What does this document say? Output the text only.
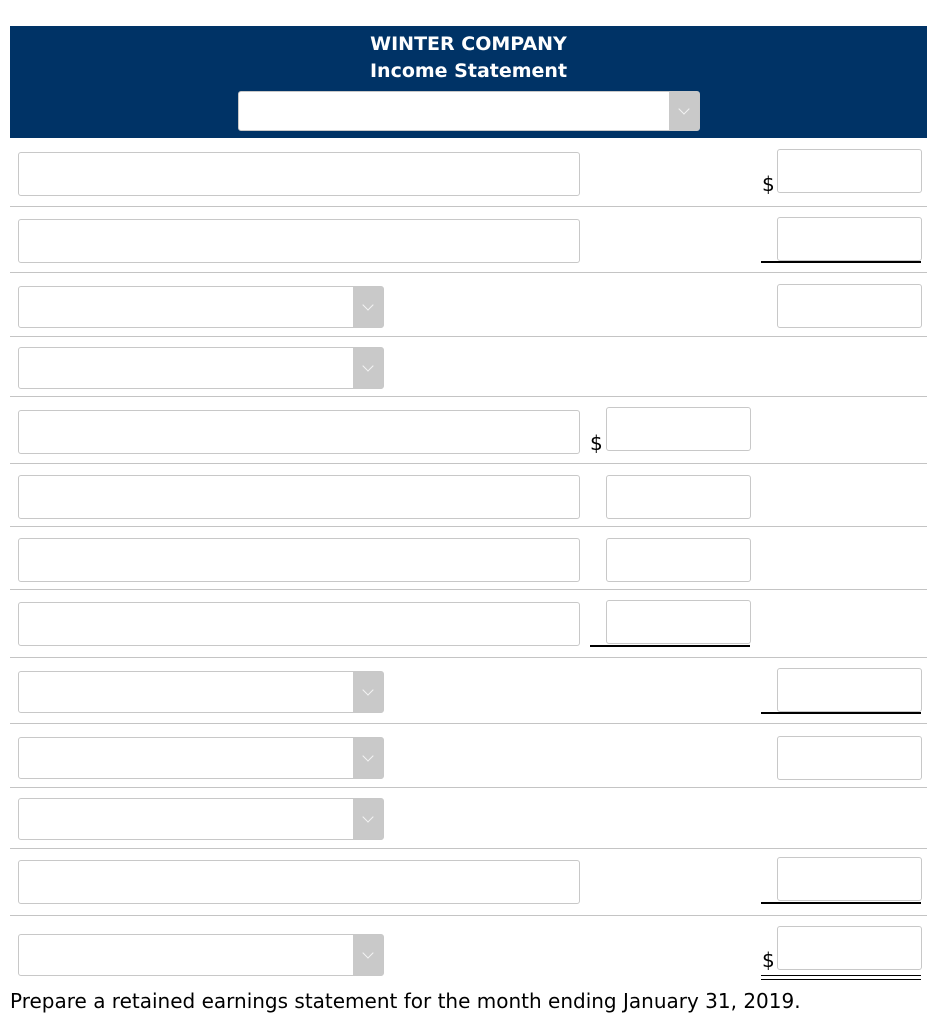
WINTER COMPANY
Income Statement
$
$
$
Prepare a retained earnings statement for the month ending January 31, 2019.
